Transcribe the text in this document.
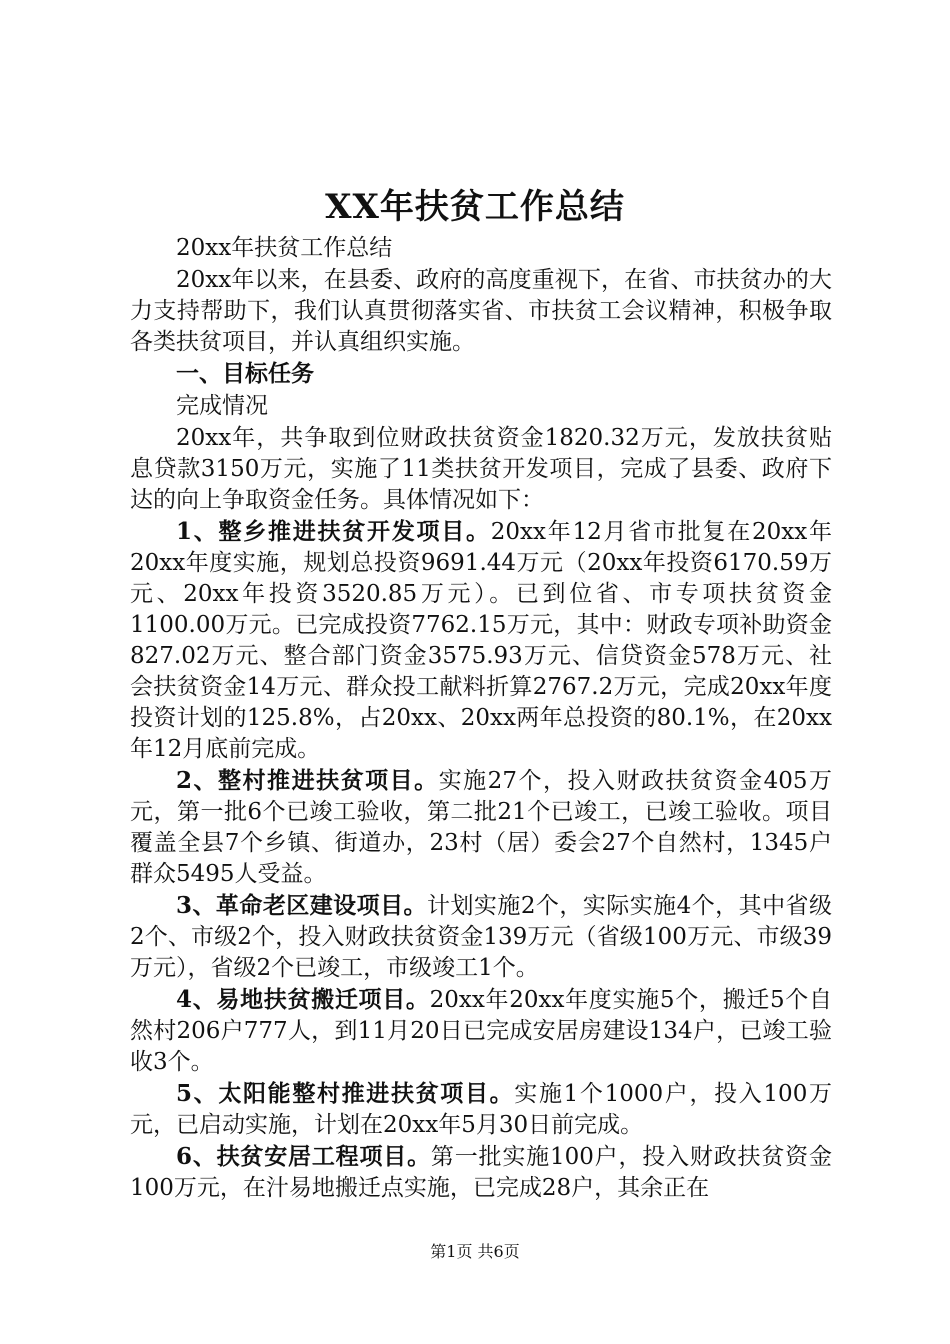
XX年扶贫工作总结

20xx年扶贫工作总结

20xx年以来，在县委、政府的高度重视下，在省、市扶贫办的大力支持帮助下，我们认真贯彻落实省、市扶贫工会议精神，积极争取各类扶贫项目，并认真组织实施。

一、目标任务

完成情况

20xx年，共争取到位财政扶贫资金1820.32万元，发放扶贫贴息贷款3150万元，实施了11类扶贫开发项目，完成了县委、政府下达的向上争取资金任务。具体情况如下：

1、整乡推进扶贫开发项目。20xx年12月省市批复在20xx年20xx年度实施，规划总投资9691.44万元（20xx年投资6170.59万元、20xx年投资3520.85万元）。已到位省、市专项扶贫资金1100.00万元。已完成投资7762.15万元，其中：财政专项补助资金827.02万元、整合部门资金3575.93万元、信贷资金578万元、社会扶贫资金14万元、群众投工献料折算2767.2万元，完成20xx年度投资计划的125.8%，占20xx、20xx两年总投资的80.1%，在20xx年12月底前完成。

2、整村推进扶贫项目。实施27个，投入财政扶贫资金405万元，第一批6个已竣工验收，第二批21个已竣工，已竣工验收。项目覆盖全县7个乡镇、街道办，23村（居）委会27个自然村，1345户群众5495人受益。

3、革命老区建设项目。计划实施2个，实际实施4个，其中省级2个、市级2个，投入财政扶贫资金139万元（省级100万元、市级39万元），省级2个已竣工，市级竣工1个。

4、易地扶贫搬迁项目。20xx年20xx年度实施5个，搬迁5个自然村206户777人，到11月20日已完成安居房建设134户，已竣工验收3个。

5、太阳能整村推进扶贫项目。实施1个1000户，投入100万元，已启动实施，计划在20xx年5月30日前完成。

6、扶贫安居工程项目。第一批实施100户，投入财政扶贫资金100万元，在汁易地搬迁点实施，已完成28户，其余正在

第1页 共6页
